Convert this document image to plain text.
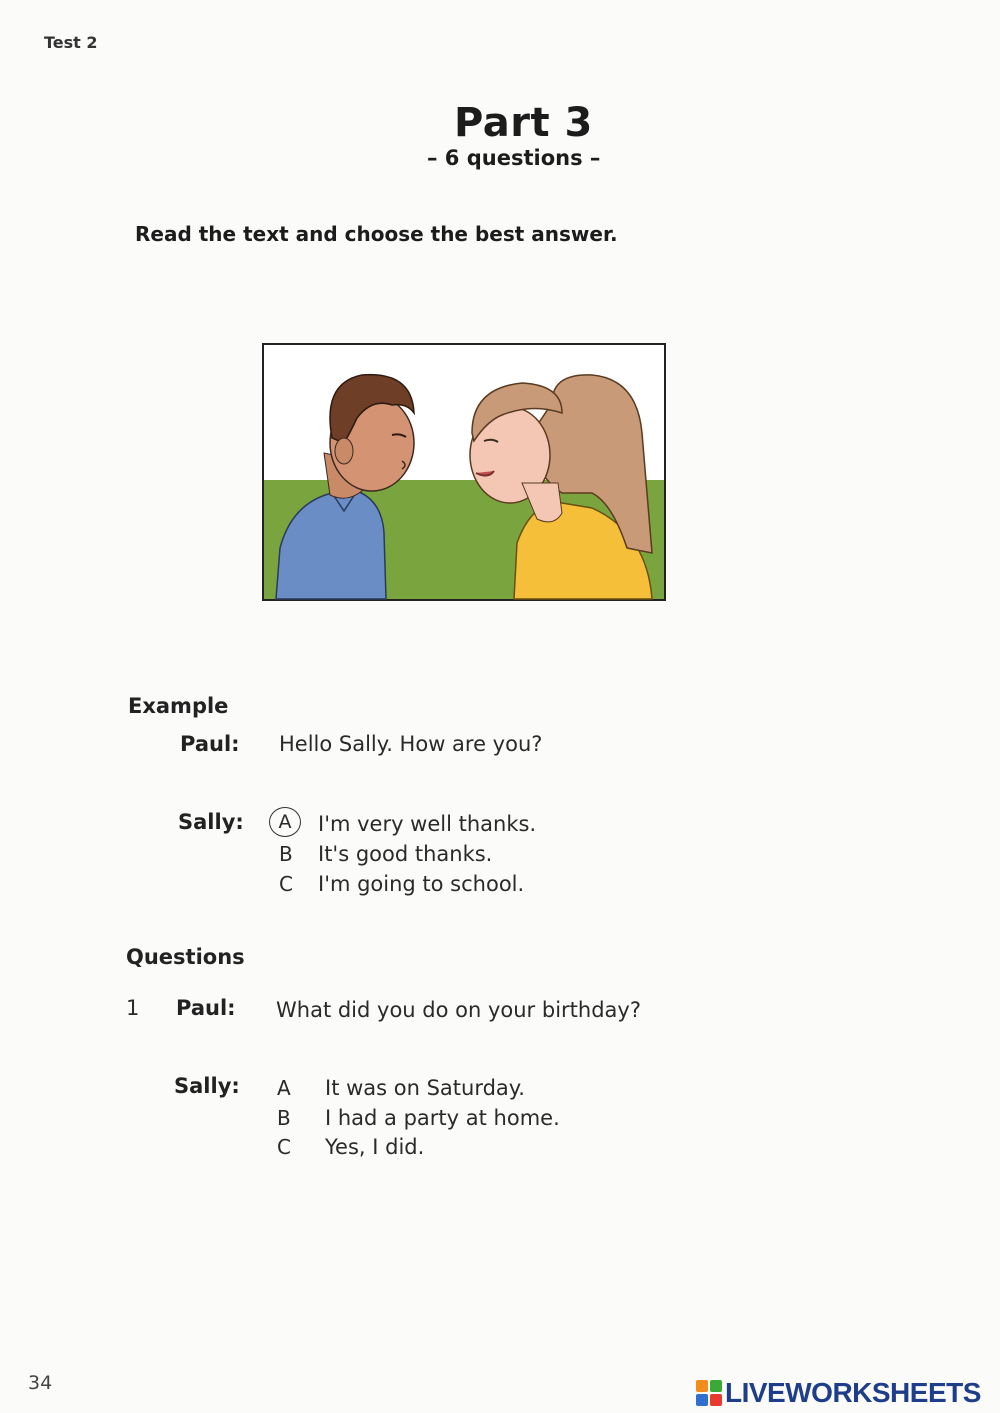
Test 2
Part 3
– 6 questions –
Read the text and choose the best answer.
Example
Paul: Hello Sally. How are you?
Sally:	A	I'm very well thanks.
B It's good thanks.
C I'm going to school.
Questions
1 Paul: What did you do on your birthday?
Sally: A It was on Saturday.
B I had a party at home.
C Yes, I did.
34	LIVEWORKSHEETS
